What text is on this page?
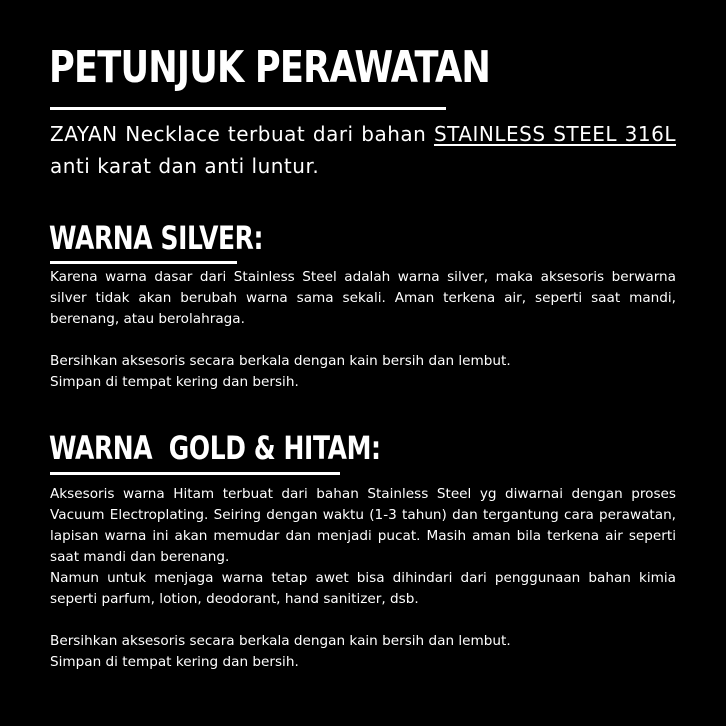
PETUNJUK PERAWATAN

ZAYAN Necklace terbuat dari bahan STAINLESS STEEL 316L anti karat dan anti luntur.

WARNA SILVER:

Karena warna dasar dari Stainless Steel adalah warna silver, maka aksesoris berwarna silver tidak akan berubah warna sama sekali. Aman terkena air, seperti saat mandi, berenang, atau berolahraga.

Bersihkan aksesoris secara berkala dengan kain bersih dan lembut.
Simpan di tempat kering dan bersih.

WARNA  GOLD & HITAM:

Aksesoris warna Hitam terbuat dari bahan Stainless Steel yg diwarnai dengan proses Vacuum Electroplating. Seiring dengan waktu (1-3 tahun) dan tergantung cara perawatan, lapisan warna ini akan memudar dan menjadi pucat. Masih aman bila terkena air seperti saat mandi dan berenang.

Namun untuk menjaga warna tetap awet bisa dihindari dari penggunaan bahan kimia seperti parfum, lotion, deodorant, hand sanitizer, dsb.

Bersihkan aksesoris secara berkala dengan kain bersih dan lembut.
Simpan di tempat kering dan bersih.
